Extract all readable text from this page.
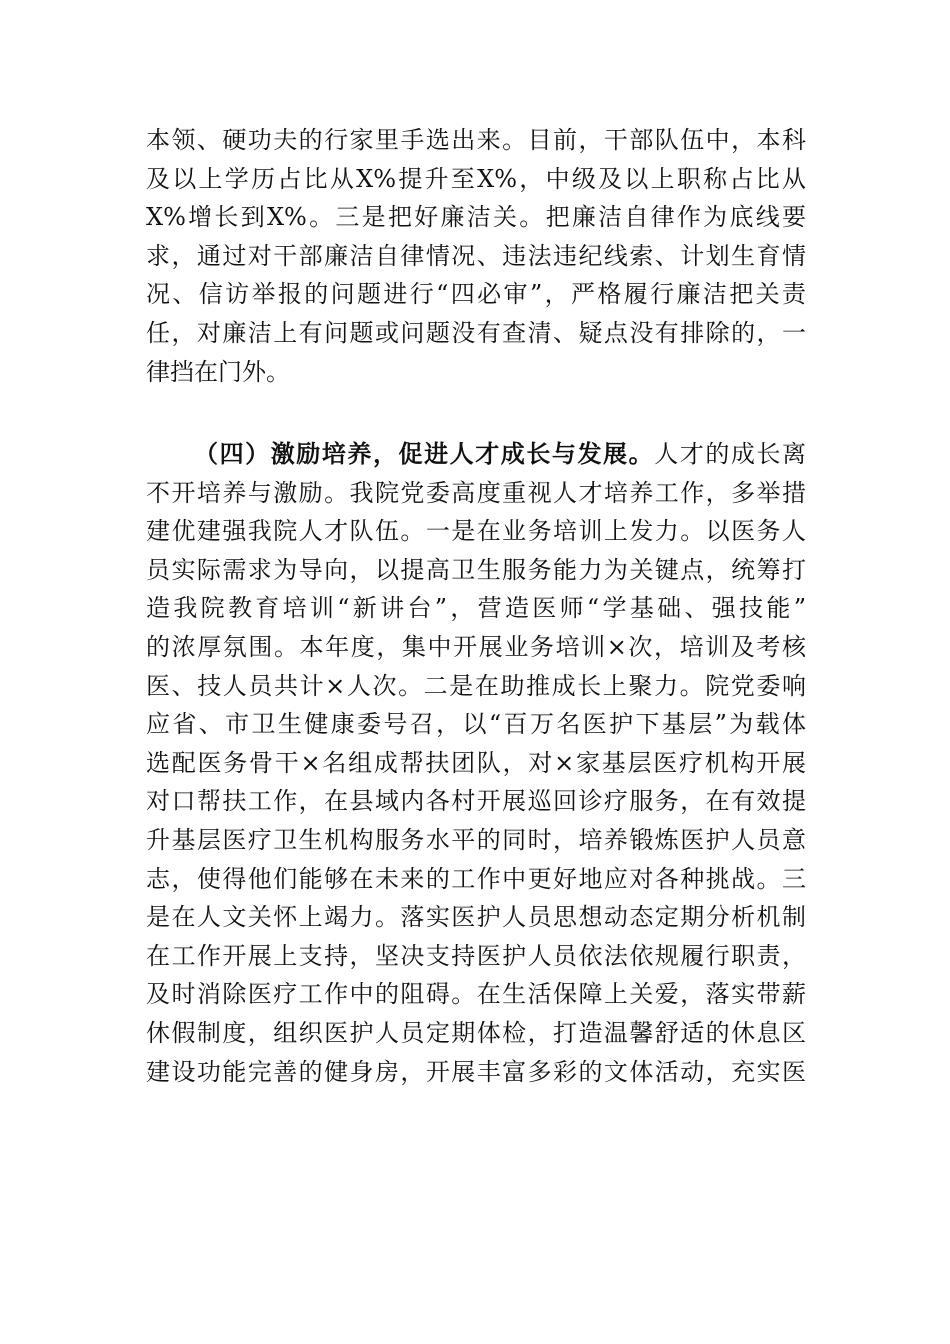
本领、硬功夫的行家里手选出来。目前，干部队伍中，本科
及以上学历占比从X%提升至X%，中级及以上职称占比从
X%增长到X%。三是把好廉洁关。把廉洁自律作为底线要
求，通过对干部廉洁自律情况、违法违纪线索、计划生育情
况、信访举报的问题进行“四必审”，严格履行廉洁把关责
任，对廉洁上有问题或问题没有查清、疑点没有排除的，一
律挡在门外。
（四）激励培养，促进人才成长与发展。人才的成长离
不开培养与激励。我院党委高度重视人才培养工作，多举措
建优建强我院人才队伍。一是在业务培训上发力。以医务人
员实际需求为导向，以提高卫生服务能力为关键点，统筹打
造我院教育培训“新讲台”，营造医师“学基础、强技能”
的浓厚氛围。本年度，集中开展业务培训×次，培训及考核
医、技人员共计×人次。二是在助推成长上聚力。院党委响
应省、市卫生健康委号召，以“百万名医护下基层”为载体
选配医务骨干×名组成帮扶团队，对×家基层医疗机构开展
对口帮扶工作，在县域内各村开展巡回诊疗服务，在有效提
升基层医疗卫生机构服务水平的同时，培养锻炼医护人员意
志，使得他们能够在未来的工作中更好地应对各种挑战。三
是在人文关怀上竭力。落实医护人员思想动态定期分析机制
在工作开展上支持，坚决支持医护人员依法依规履行职责，
及时消除医疗工作中的阻碍。在生活保障上关爱，落实带薪
休假制度，组织医护人员定期体检，打造温馨舒适的休息区
建设功能完善的健身房，开展丰富多彩的文体活动，充实医
